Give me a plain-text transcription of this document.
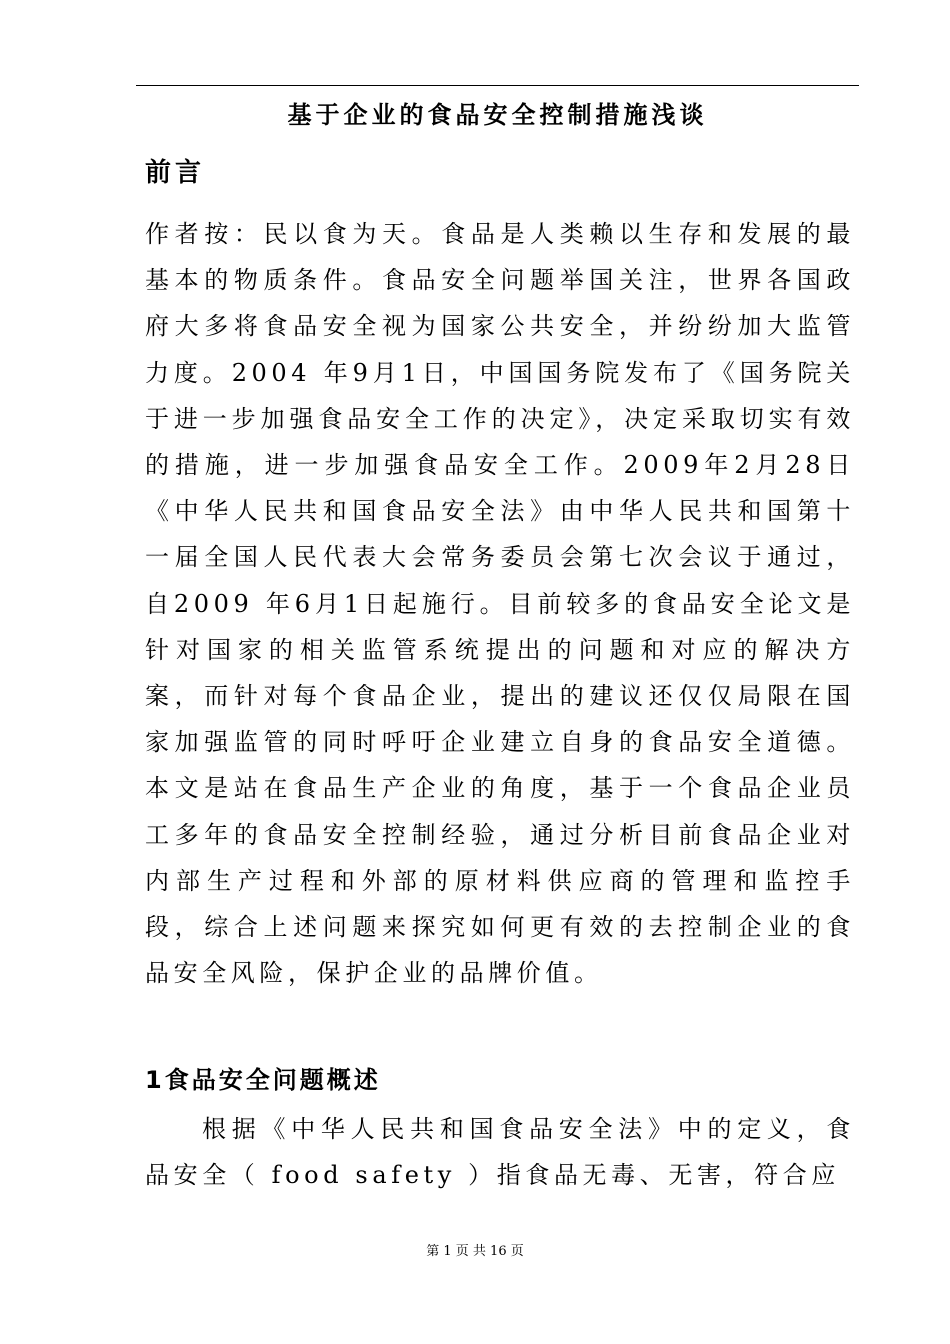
基于企业的食品安全控制措施浅谈
前言
作者按：民以食为天。食品是人类赖以生存和发展的最基本的物质条件。食品安全问题举国关注，世界各国政府大多将食品安全视为国家公共安全，并纷纷加大监管力度。2004 年9月1日，中国国务院发布了《国务院关于进一步加强食品安全工作的决定》，决定采取切实有效的措施，进一步加强食品安全工作。2009年2月28日《中华人民共和国食品安全法》由中华人民共和国第十一届全国人民代表大会常务委员会第七次会议于通过，自2009 年6月1日起施行。目前较多的食品安全论文是针对国家的相关监管系统提出的问题和对应的解决方案，而针对每个食品企业，提出的建议还仅仅局限在国家加强监管的同时呼吁企业建立自身的食品安全道德。本文是站在食品生产企业的角度，基于一个食品企业员工多年的食品安全控制经验，通过分析目前食品企业对内部生产过程和外部的原材料供应商的管理和监控手段，综合上述问题来探究如何更有效的去控制企业的食品安全风险，保护企业的品牌价值。
1食品安全问题概述
根据《中华人民共和国食品安全法》中的定义，食品安全（ food safety ）指食品无毒、无害，符合应
第 1 页 共 16 页
